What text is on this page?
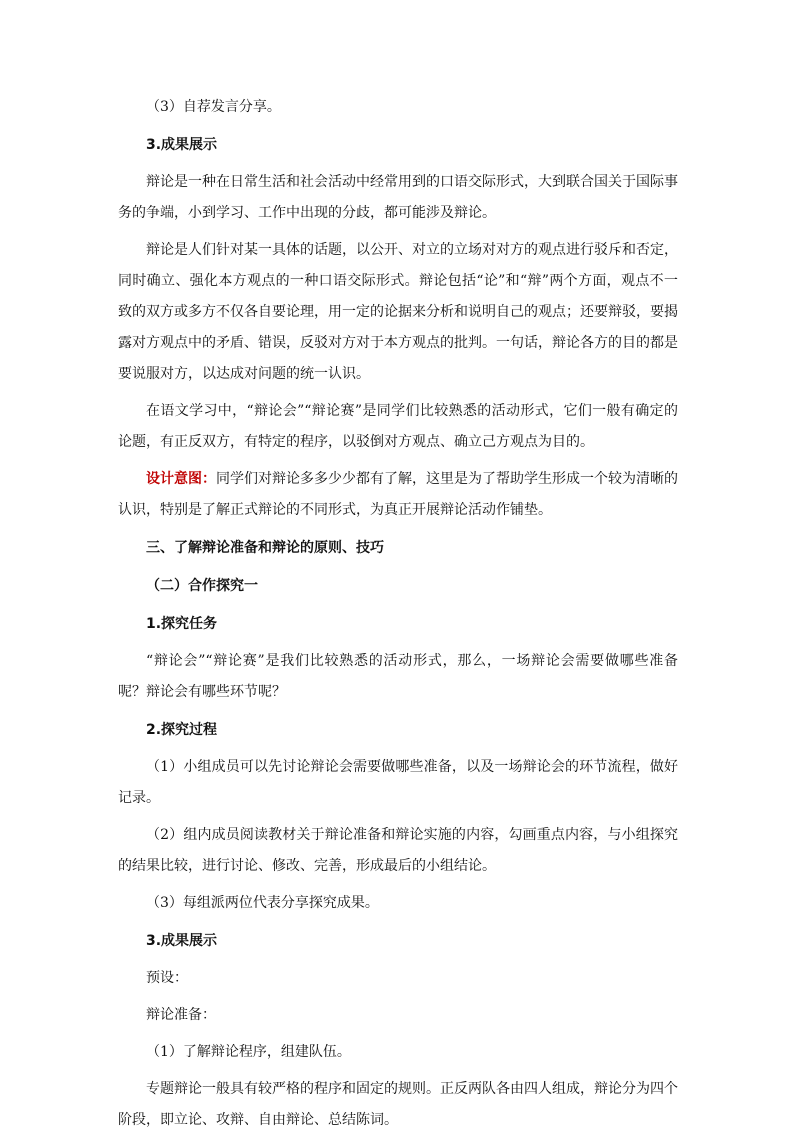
（3）自荐发言分享。

3.成果展示

辩论是一种在日常生活和社会活动中经常用到的口语交际形式，大到联合国关于国际事务的争端，小到学习、工作中出现的分歧，都可能涉及辩论。

辩论是人们针对某一具体的话题，以公开、对立的立场对对方的观点进行驳斥和否定，同时确立、强化本方观点的一种口语交际形式。辩论包括“论”和“辩”两个方面，观点不一致的双方或多方不仅各自要论理，用一定的论据来分析和说明自己的观点；还要辩驳，要揭露对方观点中的矛盾、错误，反驳对方对于本方观点的批判。一句话，辩论各方的目的都是要说服对方，以达成对问题的统一认识。

在语文学习中，“辩论会”“辩论赛”是同学们比较熟悉的活动形式，它们一般有确定的论题，有正反双方，有特定的程序，以驳倒对方观点、确立己方观点为目的。

设计意图：同学们对辩论多多少少都有了解，这里是为了帮助学生形成一个较为清晰的认识，特别是了解正式辩论的不同形式，为真正开展辩论活动作铺垫。

三、了解辩论准备和辩论的原则、技巧

（二）合作探究一

1.探究任务

“辩论会”“辩论赛”是我们比较熟悉的活动形式，那么，一场辩论会需要做哪些准备呢？辩论会有哪些环节呢？

2.探究过程

（1）小组成员可以先讨论辩论会需要做哪些准备，以及一场辩论会的环节流程，做好记录。

（2）组内成员阅读教材关于辩论准备和辩论实施的内容，勾画重点内容，与小组探究的结果比较，进行讨论、修改、完善，形成最后的小组结论。

（3）每组派两位代表分享探究成果。

3.成果展示

预设：

辩论准备：

（1）了解辩论程序，组建队伍。

专题辩论一般具有较严格的程序和固定的规则。正反两队各由四人组成，辩论分为四个阶段，即立论、攻辩、自由辩论、总结陈词。
